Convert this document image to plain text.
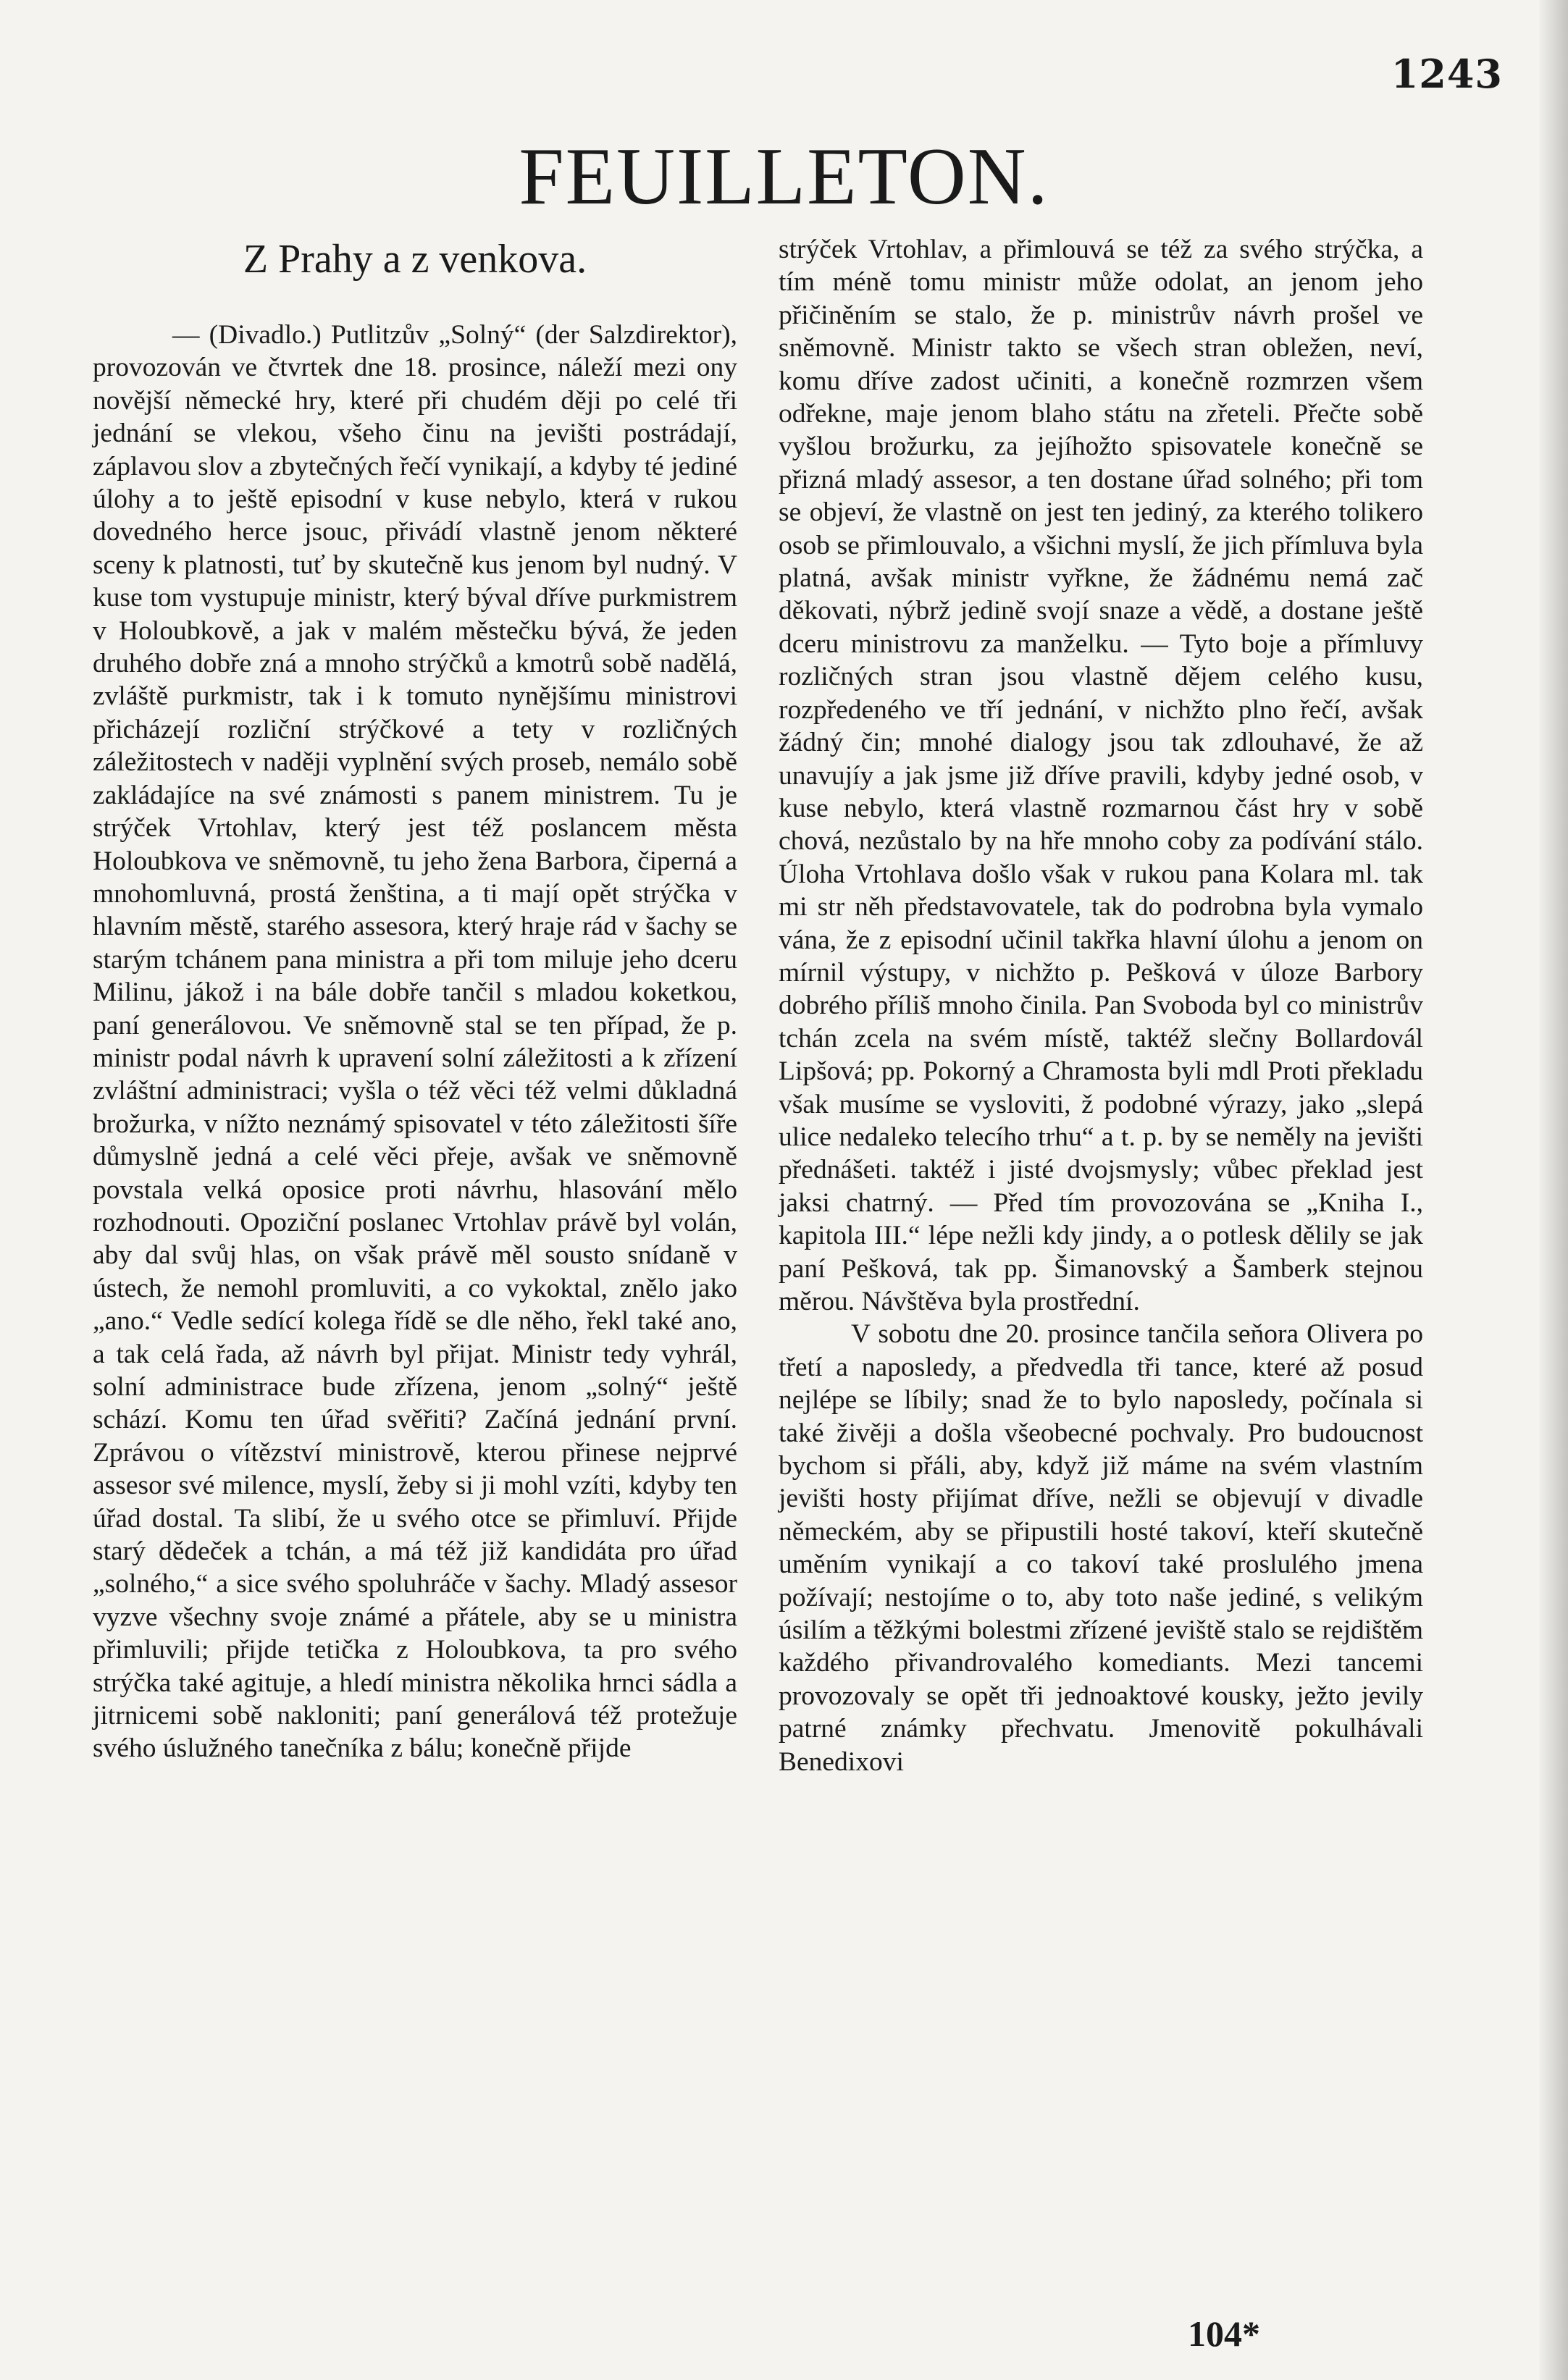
1243
FEUILLETON.
Z Prahy a z venkova.

— (Divadlo.) Putlitzův „Solný“ (der Salzdirektor), provozován ve čtvrtek dne 18. prosince, náleží mezi ony novější německé hry, které při chudém ději po celé tři jednání se vlekou, všeho činu na jevišti postrádají, záplavou slov a zbytečných řečí vynikají, a kdyby té jediné úlohy a to ještě episodní v kuse nebylo, která v rukou dovedného herce jsouc, přivádí vlastně jenom některé sceny k platnosti, tuť by skutečně kus jenom byl nudný. V kuse tom vystupuje ministr, který býval dříve purkmistrem v Holoubkově, a jak v malém městečku bývá, že jeden druhého dobře zná a mnoho strýčků a kmotrů sobě nadělá, zvláště purkmistr, tak i k tomuto nynějšímu ministrovi přicházejí rozliční strýčkové a tety v rozličných záležitostech v naději vyplnění svých proseb, nemálo sobě zakládajíce na své známosti s panem ministrem. Tu je strýček Vrtohlav, který jest též poslancem města Holoubkova ve sněmovně, tu jeho žena Barbora, čiperná a mnohomluvná, prostá ženština, a ti mají opět strýčka v hlavním městě, starého assesora, který hraje rád v šachy se starým tchánem pana ministra a při tom miluje jeho dceru Milinu, jákož i na bále dobře tančil s mladou koketkou, paní generálovou. Ve sněmovně stal se ten případ, že p. ministr podal návrh k upravení solní záležitosti a k zřízení zvláštní administraci; vyšla o též věci též velmi důkladná brožurka, v nížto neznámý spisovatel v této záležitosti šíře důmyslně jedná a celé věci přeje, avšak ve sněmovně povstala velká oposice proti návrhu, hlasování mělo rozhodnouti. Opoziční poslanec Vrtohlav právě byl volán, aby dal svůj hlas, on však právě měl sousto snídaně v ústech, že nemohl promluviti, a co vykoktal, znělo jako „ano.“ Vedle sedící kolega řídě se dle něho, řekl také ano, a tak celá řada, až návrh byl přijat. Ministr tedy vyhrál, solní administrace bude zřízena, jenom „solný“ ještě schází. Komu ten úřad svěřiti? Začíná jednání první. Zprávou o vítězství ministrově, kterou přinese nejprvé assesor své milence, myslí, žeby si ji mohl vzíti, kdyby ten úřad dostal. Ta slibí, že u svého otce se přimluví. Přijde starý dědeček a tchán, a má též již kandidáta pro úřad „solného,“ a sice svého spoluhráče v šachy. Mladý assesor vyzve všechny svoje známé a přátele, aby se u ministra přimluvili; přijde tetička z Holoubkova, ta pro svého strýčka také agituje, a hledí ministra několika hrnci sádla a jitrnicemi sobě nakloniti; paní generálová též protežuje svého úslužného tanečníka z bálu; konečně přijde

strýček Vrtohlav, a přimlouvá se též za svého strýčka, a tím méně tomu ministr může odolat, an jenom jeho přičiněním se stalo, že p. ministrův návrh prošel ve sněmovně. Ministr takto se všech stran obležen, neví, komu dříve zadost učiniti, a konečně rozmrzen všem odřekne, maje jenom blaho státu na zřeteli. Přečte sobě vyšlou brožurku, za jejíhožto spisovatele konečně se přizná mladý assesor, a ten dostane úřad solného; při tom se objeví, že vlastně on jest ten jediný, za kterého tolikero osob se přimlouvalo, a všichni myslí, že jich přímluva byla platná, avšak ministr vyřkne, že žádnému nemá zač děkovati, nýbrž jedině svojí snaze a vědě, a dostane ještě dceru ministrovu za manželku. — Tyto boje a přímluvy rozličných stran jsou vlastně dějem celého kusu, rozpředeného ve tří jednání, v nichžto plno řečí, avšak žádný čin; mnohé dialogy jsou tak zdlouhavé, že až unavujíy a jak jsme již dříve pravili, kdyby jedné osob, v kuse nebylo, která vlastně rozmarnou část hry v sobě chová, nezůstalo by na hře mnoho coby za podívání stálo. Úloha Vrtohlava došlo však v rukou pana Kolara ml. tak mi str něh představovatele, tak do podrobna byla vymalo vána, že z episodní učinil takřka hlavní úlohu a jenom on mírnil výstupy, v nichžto p. Pešková v úloze Barbory dobrého příliš mnoho činila. Pan Svoboda byl co ministrův tchán zcela na svém místě, taktéž slečny Bollardovál Lipšová; pp. Pokorný a Chramosta byli mdl Proti překladu však musíme se vysloviti, ž podobné výrazy, jako „slepá ulice nedaleko telecího trhu“ a t. p. by se neměly na jevišti přednášeti. taktéž i jisté dvojsmysly; vůbec překlad jest jaksi chatrný. — Před tím provozována se „Kniha I., kapitola III.“ lépe nežli kdy jindy, a o potlesk dělily se jak paní Pešková, tak pp. Šimanovský a Šamberk stejnou měrou. Návštěva byla prostřední.

V sobotu dne 20. prosince tančila seňora Olivera po třetí a naposledy, a předvedla tři tance, které až posud nejlépe se líbily; snad že to bylo naposledy, počínala si také živěji a došla všeobecné pochvaly. Pro budoucnost bychom si přáli, aby, když již máme na svém vlastním jevišti hosty přijímat dříve, nežli se objevují v divadle německém, aby se připustili hosté takoví, kteří skutečně uměním vynikají a co takoví také proslulého jmena požívají; nestojíme o to, aby toto naše jediné, s velikým úsilím a těžkými bolestmi zřízené jeviště stalo se rejdištěm každého přivandrovalého komediants. Mezi tancemi provozovaly se opět tři jednoaktové kousky, ježto jevily patrné známky přechvatu. Jmenovitě pokulhávali Benedixovi

104*
